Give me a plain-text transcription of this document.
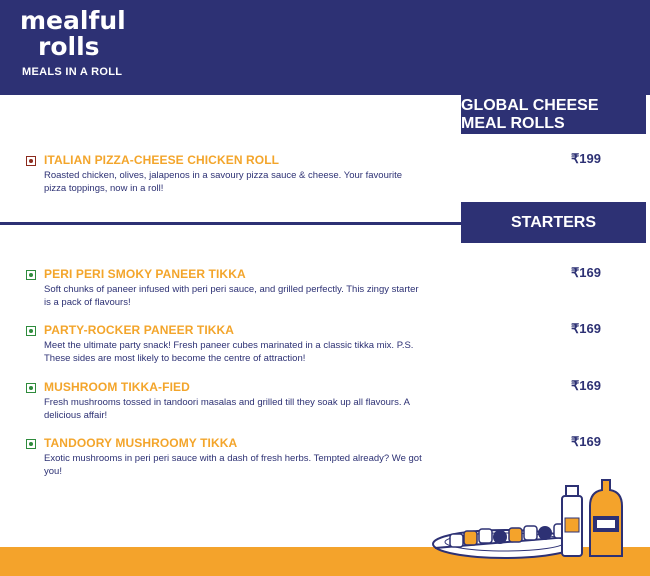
mealful
rolls
MEALS IN A ROLL
GLOBAL CHEESE MEAL ROLLS
ITALIAN PIZZA-CHEESE CHICKEN ROLL
Roasted chicken, olives, jalapenos in a savoury pizza sauce & cheese. Your favourite pizza toppings, now in a roll!
₹199
STARTERS
PERI PERI SMOKY PANEER TIKKA
Soft chunks of paneer infused with peri peri sauce, and grilled perfectly. This zingy starter is a pack of flavours!
₹169
PARTY-ROCKER PANEER TIKKA
Meet the ultimate party snack! Fresh paneer cubes marinated in a classic tikka mix. P.S. These sides are most likely to become the centre of attraction!
₹169
MUSHROOM TIKKA-FIED
Fresh mushrooms tossed in tandoori masalas and grilled till they soak up all flavours. A delicious affair!
₹169
TANDOORY MUSHROOMY TIKKA
Exotic mushrooms in peri peri sauce with a dash of fresh herbs. Tempted already? We got you!
₹169
